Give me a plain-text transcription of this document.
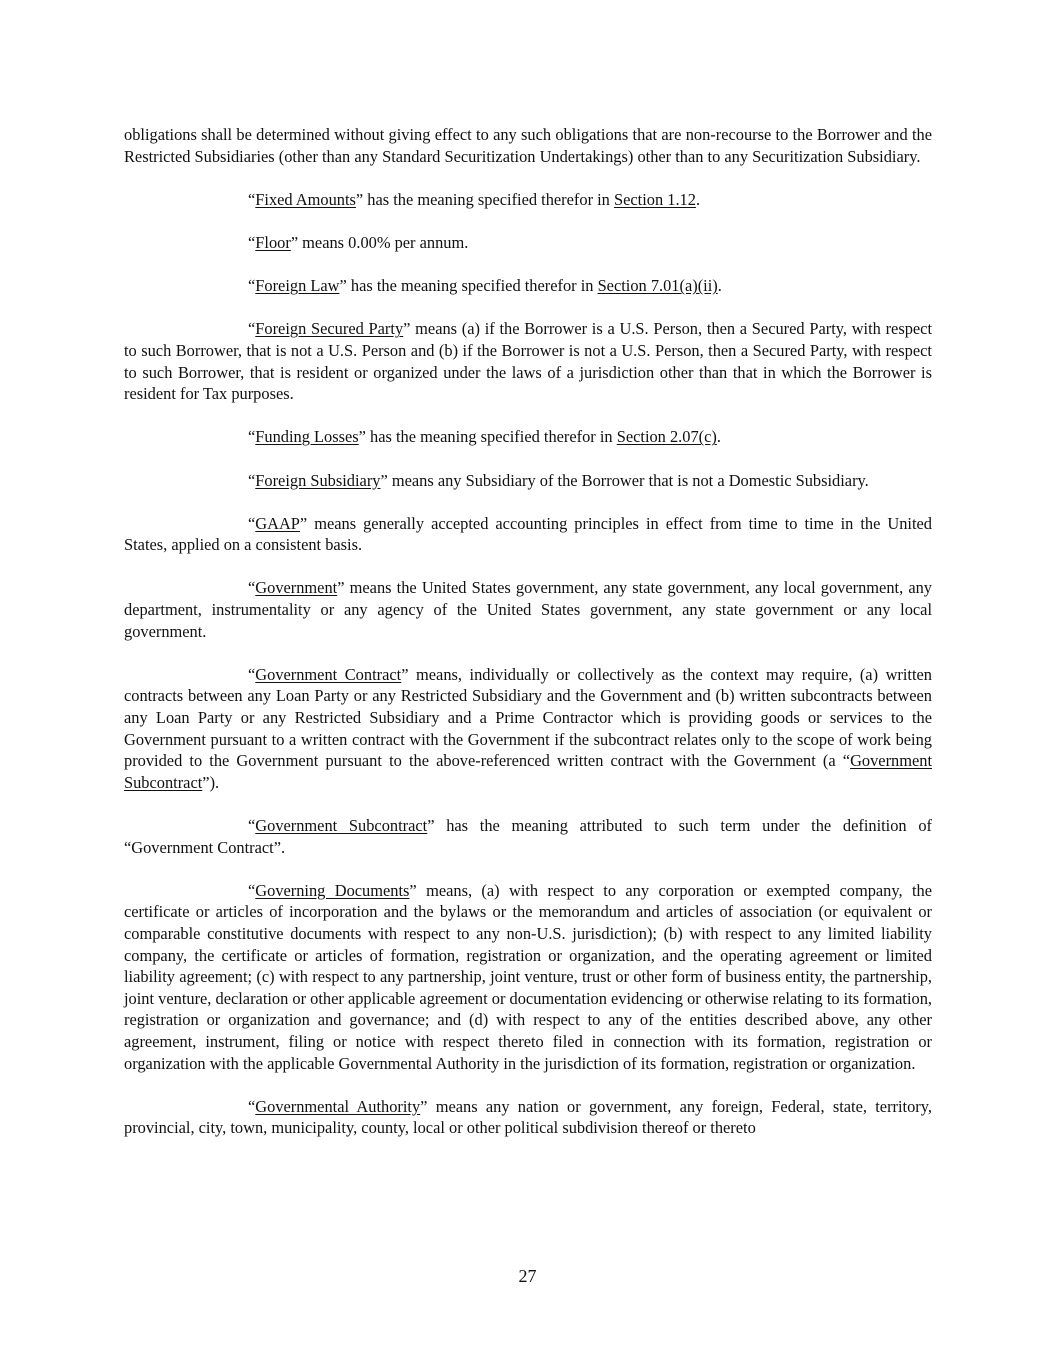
obligations shall be determined without giving effect to any such obligations that are non-recourse to the Borrower and the Restricted Subsidiaries (other than any Standard Securitization Undertakings) other than to any Securitization Subsidiary.

“Fixed Amounts” has the meaning specified therefor in Section 1.12.

“Floor” means 0.00% per annum.

“Foreign Law” has the meaning specified therefor in Section 7.01(a)(ii).

“Foreign Secured Party” means (a) if the Borrower is a U.S. Person, then a Secured Party, with respect to such Borrower, that is not a U.S. Person and (b) if the Borrower is not a U.S. Person, then a Secured Party, with respect to such Borrower, that is resident or organized under the laws of a jurisdiction other than that in which the Borrower is resident for Tax purposes.

“Funding Losses” has the meaning specified therefor in Section 2.07(c).

“Foreign Subsidiary” means any Subsidiary of the Borrower that is not a Domestic Subsidiary.

“GAAP” means generally accepted accounting principles in effect from time to time in the United States, applied on a consistent basis.

“Government” means the United States government, any state government, any local government, any department, instrumentality or any agency of the United States government, any state government or any local government.

“Government Contract” means, individually or collectively as the context may require, (a) written contracts between any Loan Party or any Restricted Subsidiary and the Government and (b) written subcontracts between any Loan Party or any Restricted Subsidiary and a Prime Contractor which is providing goods or services to the Government pursuant to a written contract with the Government if the subcontract relates only to the scope of work being provided to the Government pursuant to the above-referenced written contract with the Government (a “Government Subcontract”).

“Government Subcontract” has the meaning attributed to such term under the definition of “Government Contract”.

“Governing Documents” means, (a) with respect to any corporation or exempted company, the certificate or articles of incorporation and the bylaws or the memorandum and articles of association (or equivalent or comparable constitutive documents with respect to any non-U.S. jurisdiction); (b) with respect to any limited liability company, the certificate or articles of formation, registration or organization, and the operating agreement or limited liability agreement; (c) with respect to any partnership, joint venture, trust or other form of business entity, the partnership, joint venture, declaration or other applicable agreement or documentation evidencing or otherwise relating to its formation, registration or organization and governance; and (d) with respect to any of the entities described above, any other agreement, instrument, filing or notice with respect thereto filed in connection with its formation, registration or organization with the applicable Governmental Authority in the jurisdiction of its formation, registration or organization.

“Governmental Authority” means any nation or government, any foreign, Federal, state, territory, provincial, city, town, municipality, county, local or other political subdivision thereof or thereto

27
